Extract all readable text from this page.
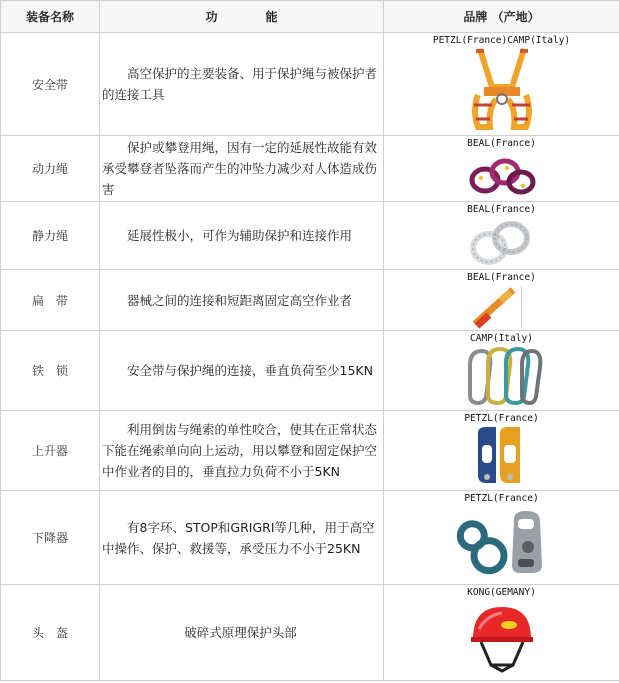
装备名称	功　　　　能	品牌 （产地）
安全带	高空保护的主要装备、用于保护绳与被保护者的连接工具	PETZL(France)CAMP(Italy)

动力绳	保护或攀登用绳，因有一定的延展性故能有效承受攀登者坠落而产生的冲坠力减少对人体造成伤害	BEAL(France)

静力绳	延展性极小，可作为辅助保护和连接作用	BEAL(France)

扁　带	器械之间的连接和短距离固定高空作业者	BEAL(France)

铁　锁	安全带与保护绳的连接，垂直负荷至少15KN	CAMP(Italy)

上升器	利用倒齿与绳索的单性咬合，使其在正常状态下能在绳索单向向上运动，用以攀登和固定保护空中作业者的目的，垂直拉力负荷不小于5KN	PETZL(France)

下降器	有8字环、STOP和GRIGRI等几种，用于高空中操作、保护、救援等，承受压力不小于25KN	PETZL(France)

头　盔	破碎式原理保护头部	KONG(GEMANY)
